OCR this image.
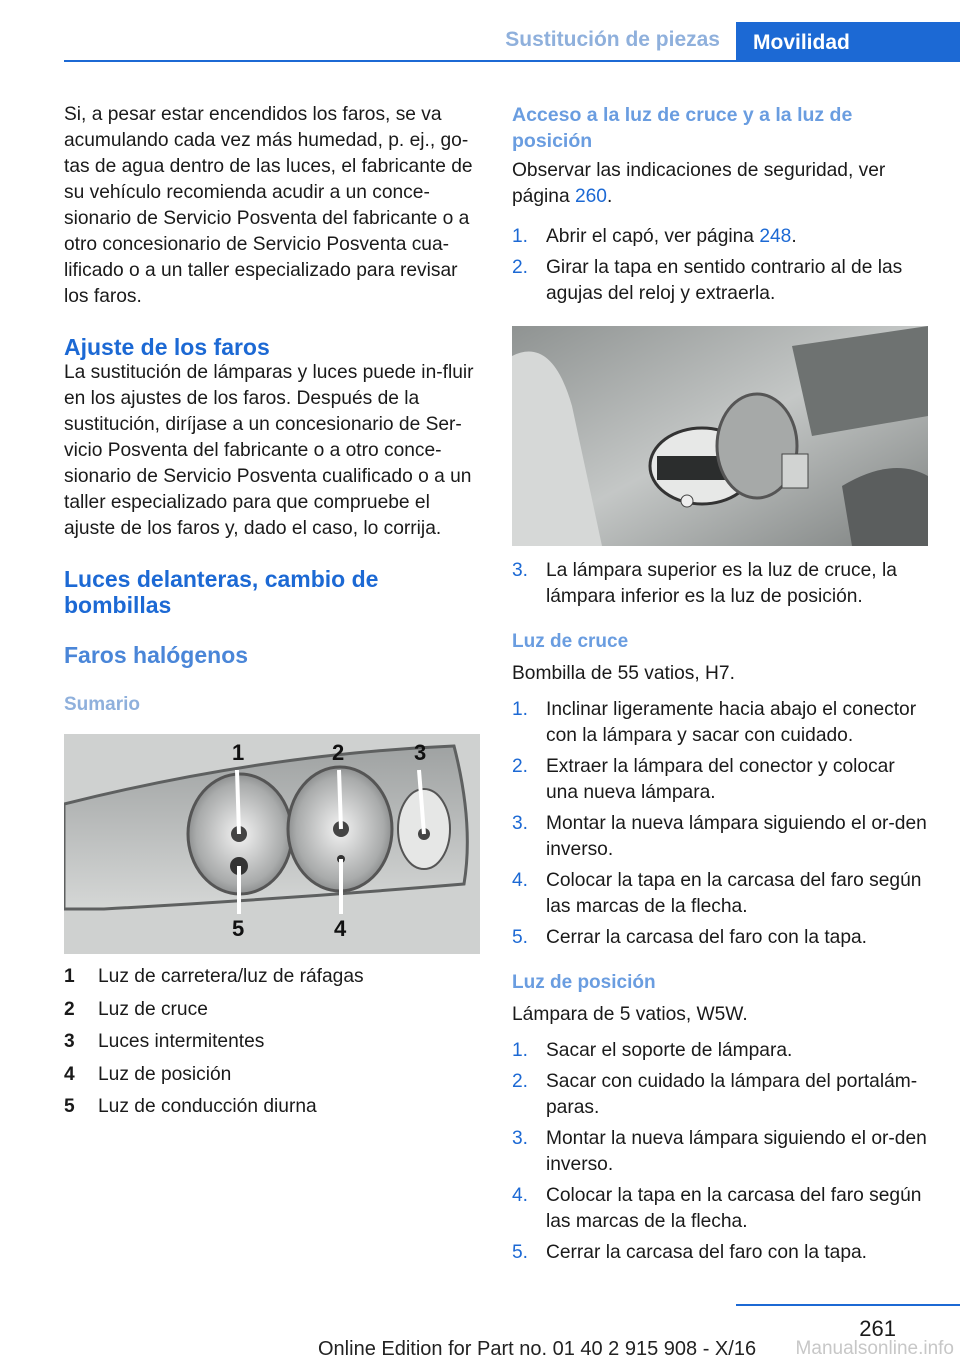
Sustitución de piezas	Movilidad

Si, a pesar estar encendidos los faros, se va acumulando cada vez más humedad, p. ej., go-tas de agua dentro de las luces, el fabricante de su vehículo recomienda acudir a un conce-sionario de Servicio Posventa del fabricante o a otro concesionario de Servicio Posventa cua-lificado o a un taller especializado para revisar los faros.

Ajuste de los faros

La sustitución de lámparas y luces puede in-fluir en los ajustes de los faros. Después de la sustitución, diríjase a un concesionario de Ser-vicio Posventa del fabricante o a otro conce-sionario de Servicio Posventa cualificado o a un taller especializado para que compruebe el ajuste de los faros y, dado el caso, lo corrija.

Luces delanteras, cambio de bombillas
Faros halógenos
Sumario
1	2	3
5	4
1 Luz de carretera/luz de ráfagas
2 Luz de cruce
3 Luces intermitentes
4 Luz de posición
5 Luz de conducción diurna
Acceso a la luz de cruce y a la luz de posición

Observar las indicaciones de seguridad, ver página 260.

1. Abrir el capó, ver página 248.
2. Girar la tapa en sentido contrario al de las agujas del reloj y extraerla.
3. La lámpara superior es la luz de cruce, la lámpara inferior es la luz de posición.
Luz de cruce

Bombilla de 55 vatios, H7.

1. Inclinar ligeramente hacia abajo el conector con la lámpara y sacar con cuidado.
2. Extraer la lámpara del conector y colocar una nueva lámpara.
3. Montar la nueva lámpara siguiendo el or-den inverso.
4. Colocar la tapa en la carcasa del faro según las marcas de la flecha.
5. Cerrar la carcasa del faro con la tapa.
Luz de posición

Lámpara de 5 vatios, W5W.

1. Sacar el soporte de lámpara.
2. Sacar con cuidado la lámpara del portalám-paras.
3. Montar la nueva lámpara siguiendo el or-den inverso.
4. Colocar la tapa en la carcasa del faro según las marcas de la flecha.
5. Cerrar la carcasa del faro con la tapa.
261
Online Edition for Part no. 01 40 2 915 908 - X/16 Manualsonline.info
